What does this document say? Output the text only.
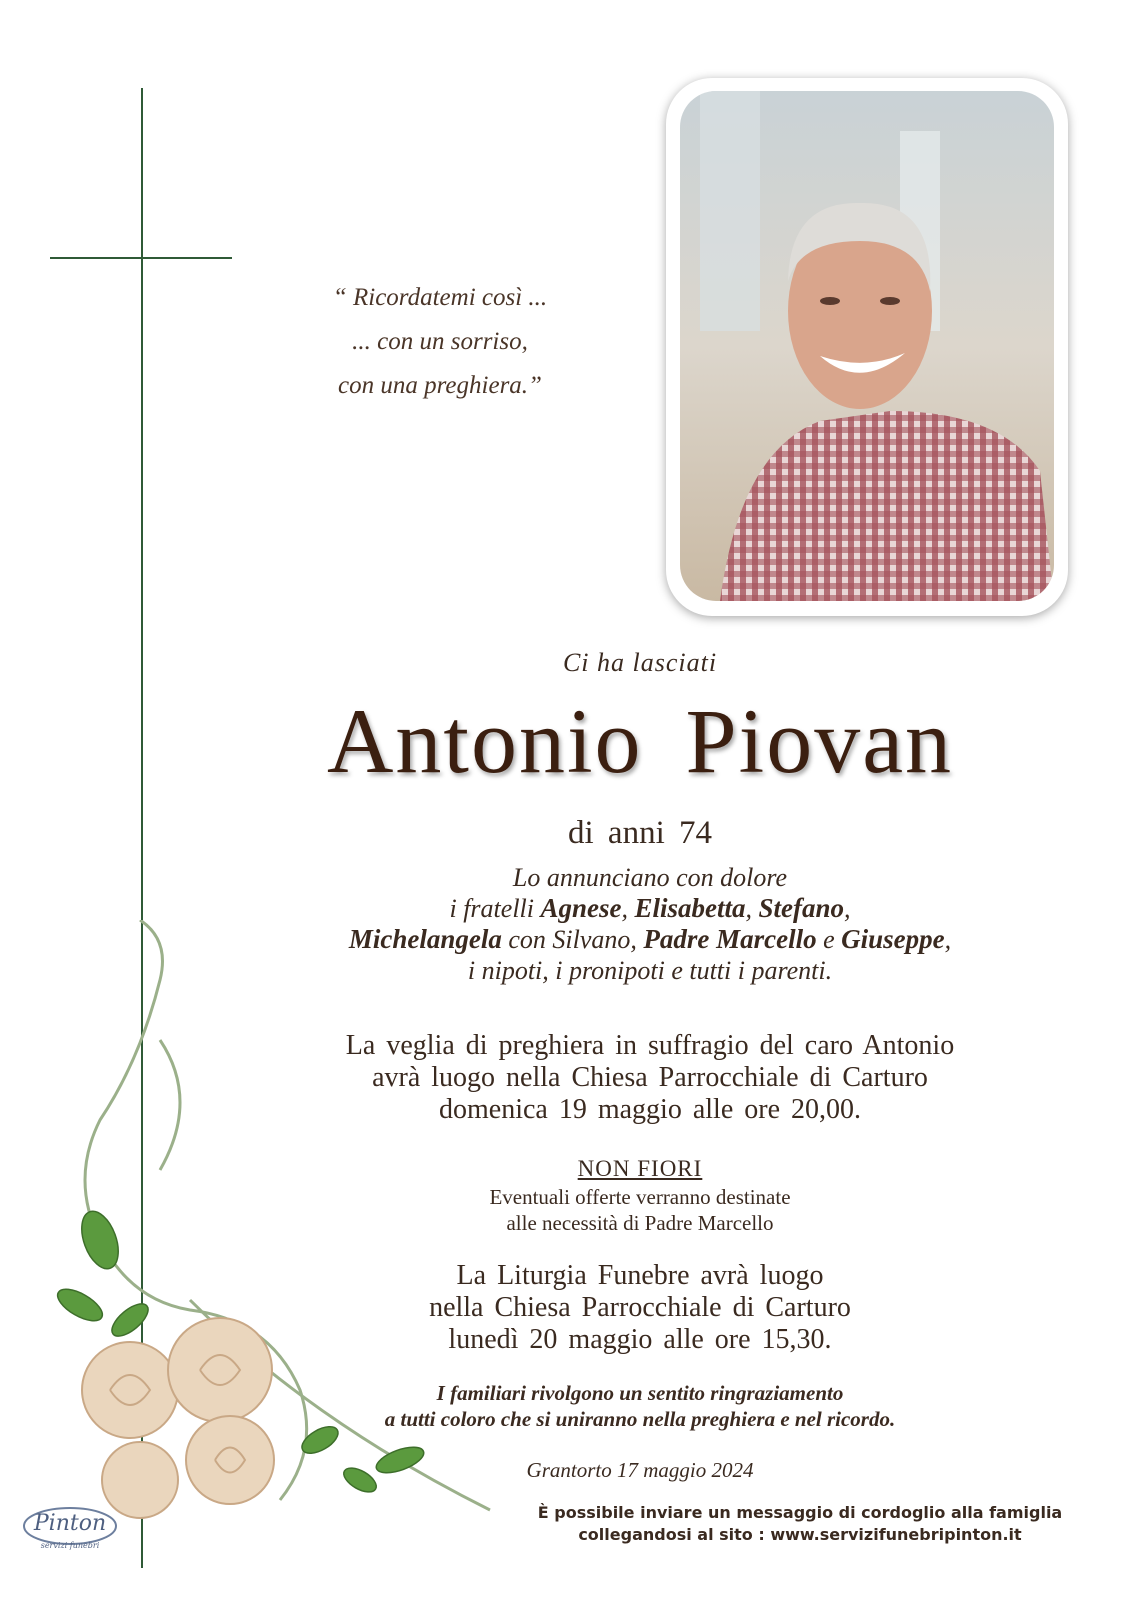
“ Ricordatemi così ...
... con un sorriso,
con una preghiera.”
Ci ha lasciati
Antonio Piovan
di anni 74
Lo annunciano con dolore
i fratelli Agnese, Elisabetta, Stefano,
Michelangela con Silvano, Padre Marcello e Giuseppe,
i nipoti, i pronipoti e tutti i parenti.
La veglia di preghiera in suffragio del caro Antonio
avrà luogo nella Chiesa Parrocchiale di Carturo
domenica 19 maggio alle ore 20,00.
NON FIORI
Eventuali offerte verranno destinate
alle necessità di Padre Marcello
La Liturgia Funebre avrà luogo
nella Chiesa Parrocchiale di Carturo
lunedì 20 maggio alle ore 15,30.
I familiari rivolgono un sentito ringraziamento
a tutti coloro che si uniranno nella preghiera e nel ricordo.
Grantorto 17 maggio 2024
È possibile inviare un messaggio di cordoglio alla famiglia
collegandosi al sito : www.servizifunebripinton.it
Pinton
servizi funebri
